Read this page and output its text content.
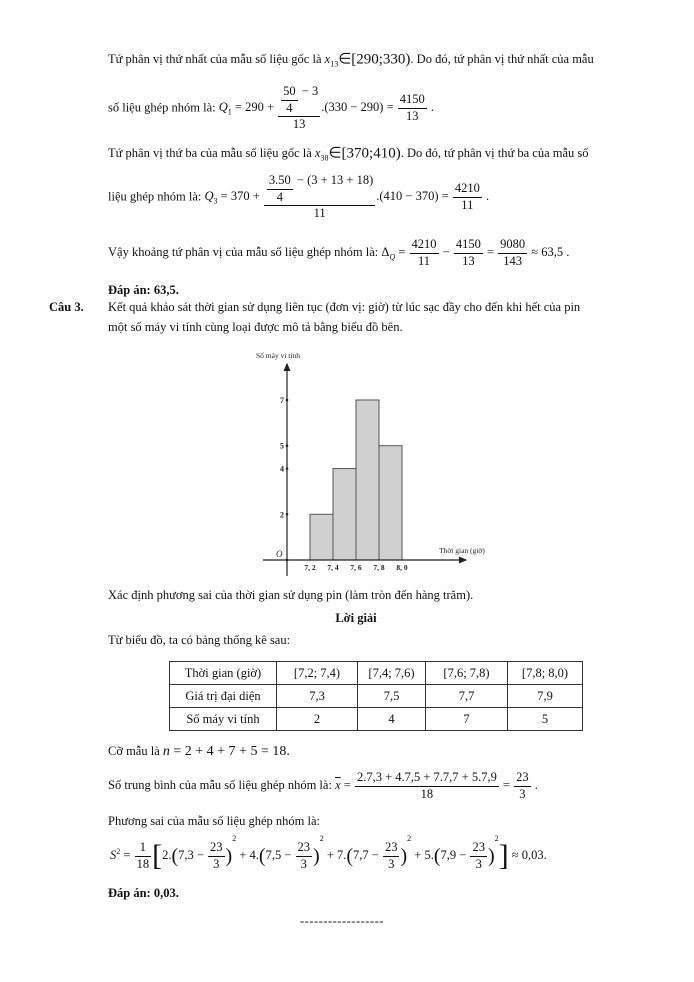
Tứ phân vị thứ nhất của mẫu số liệu gốc là $x_{13}\in[290;330)$. Do đó, tứ phân vị thứ nhất của mẫu
số liệu ghép nhóm là: $Q_1 = 290 + \frac{\frac{50}{4} - 3}{13} .(330 - 290) = \frac{4150}{13}$ .
Tứ phân vị thứ ba của mẫu số liệu gốc là $x_{38}\in[370;410)$. Do đó, tứ phân vị thứ ba của mẫu số
liệu ghép nhóm là: $Q_3 = 370 + \frac{\frac{3.50}{4} - (3 + 13 + 18)}{11} .(410 - 370) = \frac{4210}{11}$ .
Vậy khoảng tứ phân vị của mẫu số liệu ghép nhóm là: $\Delta_Q = \frac{4210}{11} - \frac{4150}{13} = \frac{9080}{143} \approx 63,5$ .
Đáp án: 63,5.
Câu 3. Kết quả khảo sát thời gian sử dụng liên tục (đơn vị: giờ) từ lúc sạc đầy cho đến khi hết của pin
một số máy vi tính cùng loại được mô tả bằng biểu đồ bên.
2
4
5
7
7, 2 7, 4 7, 6 7, 8 8, 0
Số máy vi tính
Thời gian (giờ)
O
Xác định phương sai của thời gian sử dụng pin (làm tròn đến hàng trăm).
Lời giải
Từ biểu đồ, ta có bảng thống kê sau:
Thời gian (giờ)	[7,2; 7,4)	[7,4; 7,6)	[7,6; 7,8)	[7,8; 8,0)
Giá trị đại diện	7,3	7,5	7,7	7,9
Số máy vi tính	2	4	7	5
Cỡ mẫu là n = 2 + 4 + 7 + 5 = 18.
Số trung bình của mẫu số liệu ghép nhóm là: $\overline{x} = \frac{2.7,3 + 4.7,5 + 7.7,7 + 5.7,9}{18} = \frac{23}{3}$ .
Phương sai của mẫu số liệu ghép nhóm là:
$S^2 = \frac{1}{18} [2.(7,3 - \frac{23}{3} )^2 + 4.(7,5 - \frac{23}{3} )^2 + 7.(7,7 - \frac{23}{3} )^2 + 5.(7,9 - \frac{23}{3} )^2] \approx 0,03$.
Đáp án: 0,03.
------------------
